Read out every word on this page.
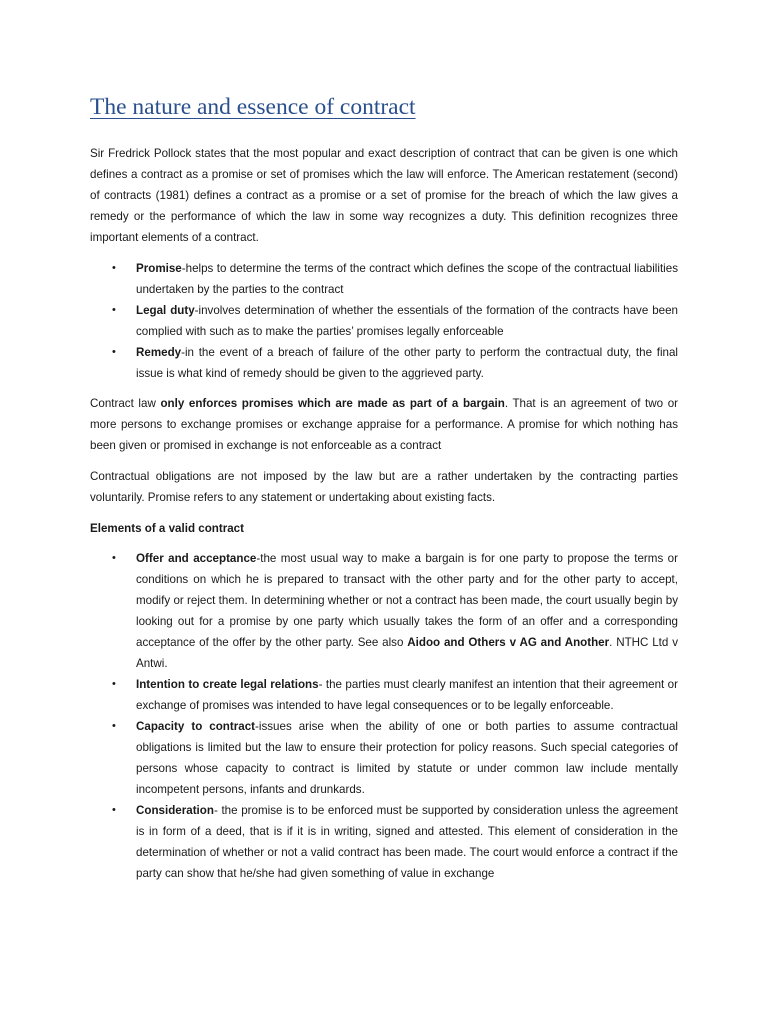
The nature and essence of contract

Sir Fredrick Pollock states that the most popular and exact description of contract that can be given is one which defines a contract as a promise or set of promises which the law will enforce. The American restatement (second) of contracts (1981) defines a contract as a promise or a set of promise for the breach of which the law gives a remedy or the performance of which the law in some way recognizes a duty. This definition recognizes three important elements of a contract.

• Promise-helps to determine the terms of the contract which defines the scope of the contractual liabilities undertaken by the parties to the contract
• Legal duty-involves determination of whether the essentials of the formation of the contracts have been complied with such as to make the parties’ promises legally enforceable
• Remedy-in the event of a breach of failure of the other party to perform the contractual duty, the final issue is what kind of remedy should be given to the aggrieved party.

Contract law only enforces promises which are made as part of a bargain. That is an agreement of two or more persons to exchange promises or exchange appraise for a performance. A promise for which nothing has been given or promised in exchange is not enforceable as a contract

Contractual obligations are not imposed by the law but are a rather undertaken by the contracting parties voluntarily. Promise refers to any statement or undertaking about existing facts.

Elements of a valid contract
• Offer and acceptance-the most usual way to make a bargain is for one party to propose the terms or conditions on which he is prepared to transact with the other party and for the other party to accept, modify or reject them. In determining whether or not a contract has been made, the court usually begin by looking out for a promise by one party which usually takes the form of an offer and a corresponding acceptance of the offer by the other party. See also Aidoo and Others v AG and Another. NTHC Ltd v Antwi.
• Intention to create legal relations- the parties must clearly manifest an intention that their agreement or exchange of promises was intended to have legal consequences or to be legally enforceable.
• Capacity to contract-issues arise when the ability of one or both parties to assume contractual obligations is limited but the law to ensure their protection for policy reasons. Such special categories of persons whose capacity to contract is limited by statute or under common law include mentally incompetent persons, infants and drunkards.
• Consideration- the promise is to be enforced must be supported by consideration unless the agreement is in form of a deed, that is if it is in writing, signed and attested. This element of consideration in the determination of whether or not a valid contract has been made. The court would enforce a contract if the party can show that he/she had given something of value in exchange
